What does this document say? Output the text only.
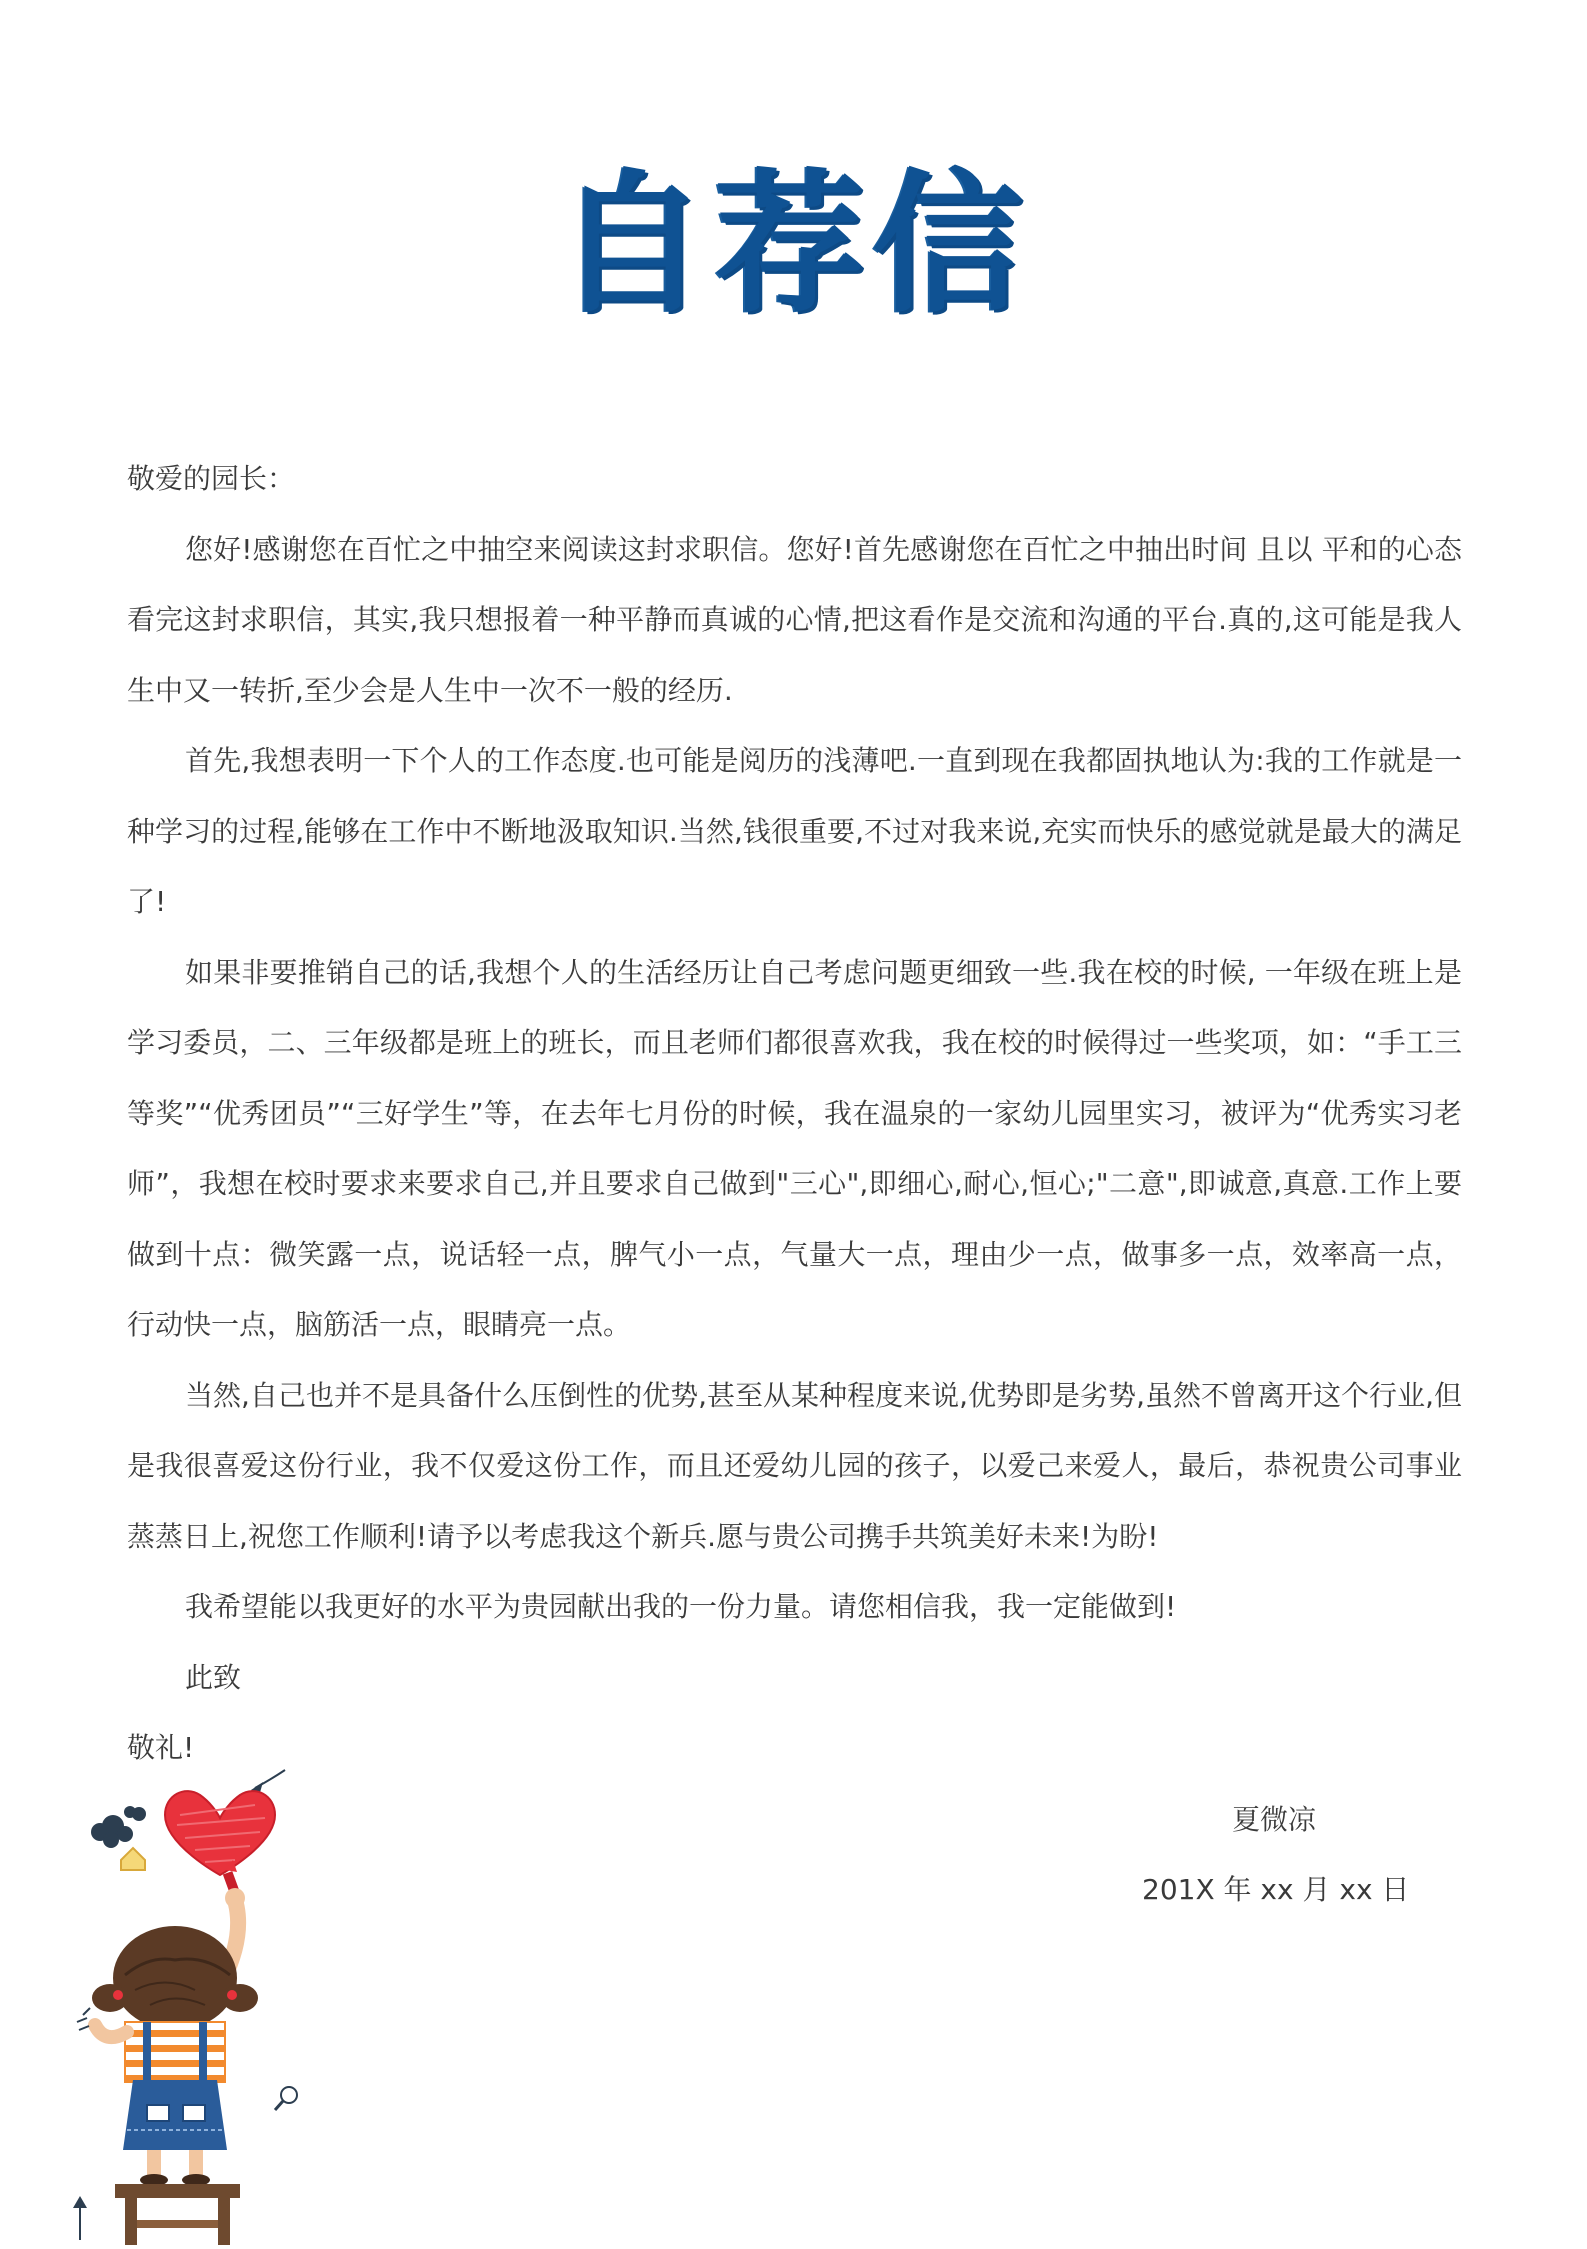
自荐信

敬爱的园长：

您好!感谢您在百忙之中抽空来阅读这封求职信。您好!首先感谢您在百忙之中抽出时间 且以 平和的心态看完这封求职信，其实,我只想报着一种平静而真诚的心情,把这看作是交流和沟通的平台.真的,这可能是我人生中又一转折,至少会是人生中一次不一般的经历.

首先,我想表明一下个人的工作态度.也可能是阅历的浅薄吧.一直到现在我都固执地认为:我的工作就是一种学习的过程,能够在工作中不断地汲取知识.当然,钱很重要,不过对我来说,充实而快乐的感觉就是最大的满足了!

如果非要推销自己的话,我想个人的生活经历让自己考虑问题更细致一些.我在校的时候, 一年级在班上是学习委员，二、三年级都是班上的班长，而且老师们都很喜欢我，我在校的时候得过一些奖项，如：“手工三等奖”“优秀团员”“三好学生”等，在去年七月份的时候，我在温泉的一家幼儿园里实习，被评为“优秀实习老师”，我想在校时要求来要求自己,并且要求自己做到"三心",即细心,耐心,恒心;"二意",即诚意,真意.工作上要做到十点：微笑露一点，说话轻一点，脾气小一点，气量大一点，理由少一点，做事多一点，效率高一点，行动快一点，脑筋活一点，眼睛亮一点。

当然,自己也并不是具备什么压倒性的优势,甚至从某种程度来说,优势即是劣势,虽然不曾离开这个行业,但是我很喜爱这份行业，我不仅爱这份工作，而且还爱幼儿园的孩子，以爱己来爱人，最后，恭祝贵公司事业蒸蒸日上,祝您工作顺利!请予以考虑我这个新兵.愿与贵公司携手共筑美好未来!为盼!

我希望能以我更好的水平为贵园献出我的一份力量。请您相信我，我一定能做到!

此致

敬礼!

夏微凉
201X 年 xx 月 xx 日
